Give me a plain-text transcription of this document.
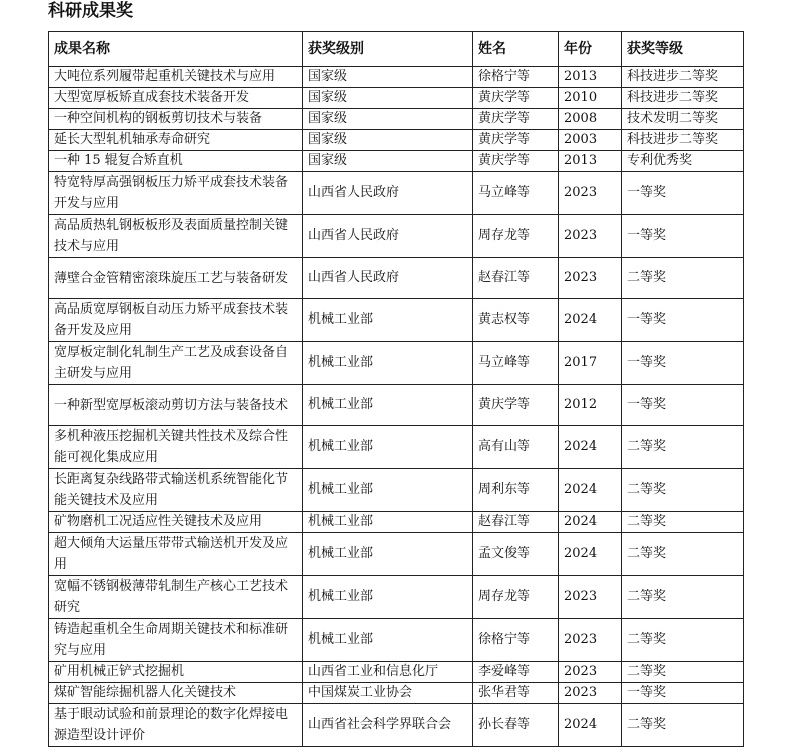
科研成果奖
成果名称	获奖级别	姓名	年份	获奖等级
大吨位系列履带起重机关键技术与应用	国家级	徐格宁等	2013	科技进步二等奖
大型宽厚板矫直成套技术装备开发	国家级	黄庆学等	2010	科技进步二等奖
一种空间机构的钢板剪切技术与装备	国家级	黄庆学等	2008	技术发明二等奖
延长大型轧机轴承寿命研究	国家级	黄庆学等	2003	科技进步二等奖
一种 15 辊复合矫直机	国家级	黄庆学等	2013	专利优秀奖
特宽特厚高强钢板压力矫平成套技术装备开发与应用	山西省人民政府	马立峰等	2023	一等奖
高品质热轧钢板板形及表面质量控制关键技术与应用	山西省人民政府	周存龙等	2023	一等奖
薄壁合金管精密滚珠旋压工艺与装备研发	山西省人民政府	赵春江等	2023	二等奖
高品质宽厚钢板自动压力矫平成套技术装备开发及应用	机械工业部	黄志权等	2024	一等奖
宽厚板定制化轧制生产工艺及成套设备自主研发与应用	机械工业部	马立峰等	2017	一等奖
一种新型宽厚板滚动剪切方法与装备技术	机械工业部	黄庆学等	2012	一等奖
多机种液压挖掘机关键共性技术及综合性能可视化集成应用	机械工业部	高有山等	2024	二等奖
长距离复杂线路带式输送机系统智能化节能关键技术及应用	机械工业部	周利东等	2024	二等奖
矿物磨机工况适应性关键技术及应用	机械工业部	赵春江等	2024	二等奖
超大倾角大运量压带带式输送机开发及应用	机械工业部	孟文俊等	2024	二等奖
宽幅不锈钢极薄带轧制生产核心工艺技术研究	机械工业部	周存龙等	2023	二等奖
铸造起重机全生命周期关键技术和标准研究与应用	机械工业部	徐格宁等	2023	二等奖
矿用机械正铲式挖掘机	山西省工业和信息化厅	李爱峰等	2023	二等奖
煤矿智能综掘机器人化关键技术	中国煤炭工业协会	张华君等	2023	一等奖
基于眼动试验和前景理论的数字化焊接电源造型设计评价	山西省社会科学界联合会	孙长春等	2024	二等奖
